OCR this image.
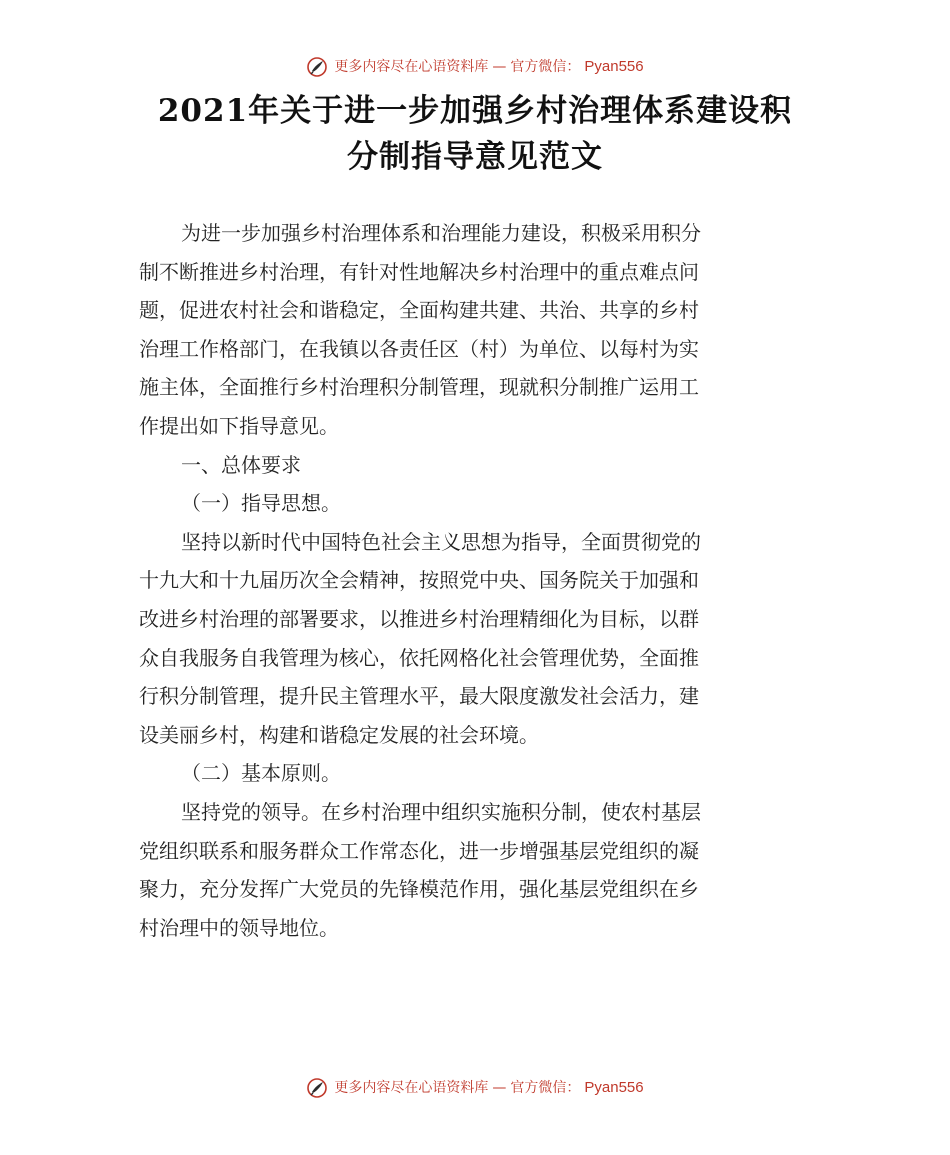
更多内容尽在心语资料库 — 官方微信： Pyan556
2021年关于进一步加强乡村治理体系建设积
分制指导意见范文
为进一步加强乡村治理体系和治理能力建设，积极采用积分
制不断推进乡村治理，有针对性地解决乡村治理中的重点难点问
题，促进农村社会和谐稳定，全面构建共建、共治、共享的乡村
治理工作格部门，在我镇以各责任区（村）为单位、以每村为实
施主体，全面推行乡村治理积分制管理，现就积分制推广运用工
作提出如下指导意见。
一、总体要求
（一）指导思想。
坚持以新时代中国特色社会主义思想为指导，全面贯彻党的
十九大和十九届历次全会精神，按照党中央、国务院关于加强和
改进乡村治理的部署要求，以推进乡村治理精细化为目标，以群
众自我服务自我管理为核心，依托网格化社会管理优势，全面推
行积分制管理，提升民主管理水平，最大限度激发社会活力，建
设美丽乡村，构建和谐稳定发展的社会环境。
（二）基本原则。
坚持党的领导。在乡村治理中组织实施积分制，使农村基层
党组织联系和服务群众工作常态化，进一步增强基层党组织的凝
聚力，充分发挥广大党员的先锋模范作用，强化基层党组织在乡
村治理中的领导地位。
更多内容尽在心语资料库 — 官方微信： Pyan556
